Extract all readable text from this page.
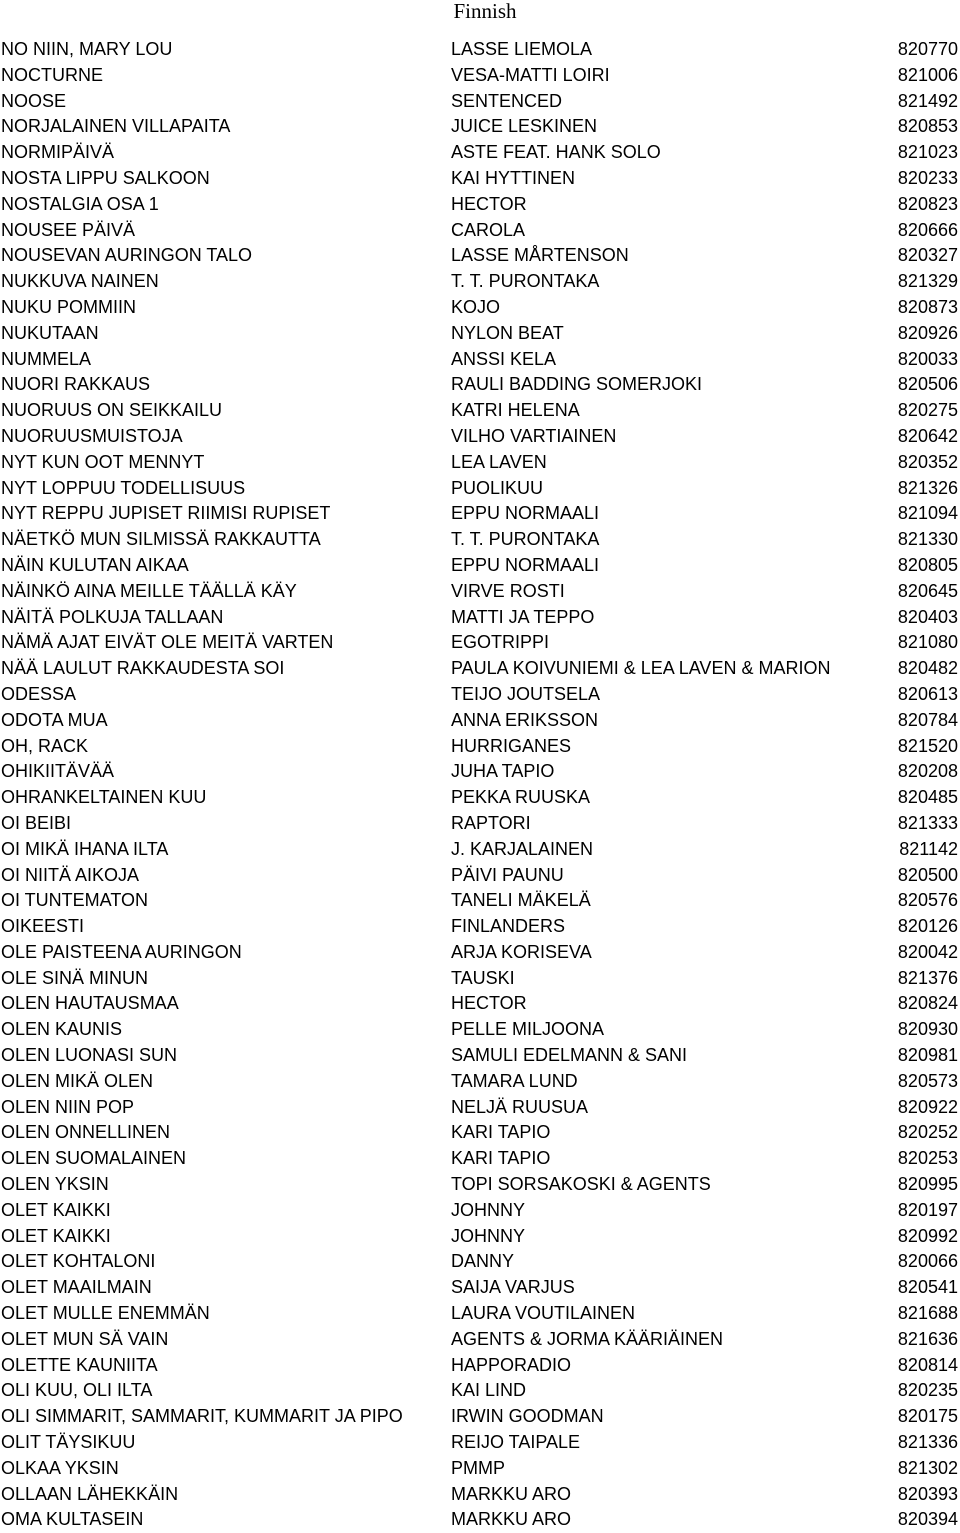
Finnish
NO NIIN, MARY LOU	LASSE LIEMOLA	820770
NOCTURNE	VESA-MATTI LOIRI	821006
NOOSE	SENTENCED	821492
NORJALAINEN VILLAPAITA	JUICE LESKINEN	820853
NORMIPÄIVÄ	ASTE FEAT. HANK SOLO	821023
NOSTA LIPPU SALKOON	KAI HYTTINEN	820233
NOSTALGIA OSA 1	HECTOR	820823
NOUSEE PÄIVÄ	CAROLA	820666
NOUSEVAN AURINGON TALO	LASSE MÅRTENSON	820327
NUKKUVA NAINEN	T. T. PURONTAKA	821329
NUKU POMMIIN	KOJO	820873
NUKUTAAN	NYLON BEAT	820926
NUMMELA	ANSSI KELA	820033
NUORI RAKKAUS	RAULI BADDING SOMERJOKI	820506
NUORUUS ON SEIKKAILU	KATRI HELENA	820275
NUORUUSMUISTOJA	VILHO VARTIAINEN	820642
NYT KUN OOT MENNYT	LEA LAVEN	820352
NYT LOPPUU TODELLISUUS	PUOLIKUU	821326
NYT REPPU JUPISET RIIMISI RUPISET	EPPU NORMAALI	821094
NÄETKÖ MUN SILMISSÄ RAKKAUTTA	T. T. PURONTAKA	821330
NÄIN KULUTAN AIKAA	EPPU NORMAALI	820805
NÄINKÖ AINA MEILLE TÄÄLLÄ KÄY	VIRVE ROSTI	820645
NÄITÄ POLKUJA TALLAAN	MATTI JA TEPPO	820403
NÄMÄ AJAT EIVÄT OLE MEITÄ VARTEN	EGOTRIPPI	821080
NÄÄ LAULUT RAKKAUDESTA SOI	PAULA KOIVUNIEMI & LEA LAVEN & MARION	820482
ODESSA	TEIJO JOUTSELA	820613
ODOTA MUA	ANNA ERIKSSON	820784
OH, RACK	HURRIGANES	821520
OHIKIITÄVÄÄ	JUHA TAPIO	820208
OHRANKELTAINEN KUU	PEKKA RUUSKA	820485
OI BEIBI	RAPTORI	821333
OI MIKÄ IHANA ILTA	J. KARJALAINEN	821142
OI NIITÄ AIKOJA	PÄIVI PAUNU	820500
OI TUNTEMATON	TANELI MÄKELÄ	820576
OIKEESTI	FINLANDERS	820126
OLE PAISTEENA AURINGON	ARJA KORISEVA	820042
OLE SINÄ MINUN	TAUSKI	821376
OLEN HAUTAUSMAA	HECTOR	820824
OLEN KAUNIS	PELLE MILJOONA	820930
OLEN LUONASI SUN	SAMULI EDELMANN & SANI	820981
OLEN MIKÄ OLEN	TAMARA LUND	820573
OLEN NIIN POP	NELJÄ RUUSUA	820922
OLEN ONNELLINEN	KARI TAPIO	820252
OLEN SUOMALAINEN	KARI TAPIO	820253
OLEN YKSIN	TOPI SORSAKOSKI & AGENTS	820995
OLET KAIKKI	JOHNNY	820197
OLET KAIKKI	JOHNNY	820992
OLET KOHTALONI	DANNY	820066
OLET MAAILMAIN	SAIJA VARJUS	820541
OLET MULLE ENEMMÄN	LAURA VOUTILAINEN	821688
OLET MUN SÄ VAIN	AGENTS & JORMA KÄÄRIÄINEN	821636
OLETTE KAUNIITA	HAPPORADIO	820814
OLI KUU, OLI ILTA	KAI LIND	820235
OLI SIMMARIT, SAMMARIT, KUMMARIT JA PIPO	IRWIN GOODMAN	820175
OLIT TÄYSIKUU	REIJO TAIPALE	821336
OLKAA YKSIN	PMMP	821302
OLLAAN LÄHEKKÄIN	MARKKU ARO	820393
OMA KULTASEIN	MARKKU ARO	820394
